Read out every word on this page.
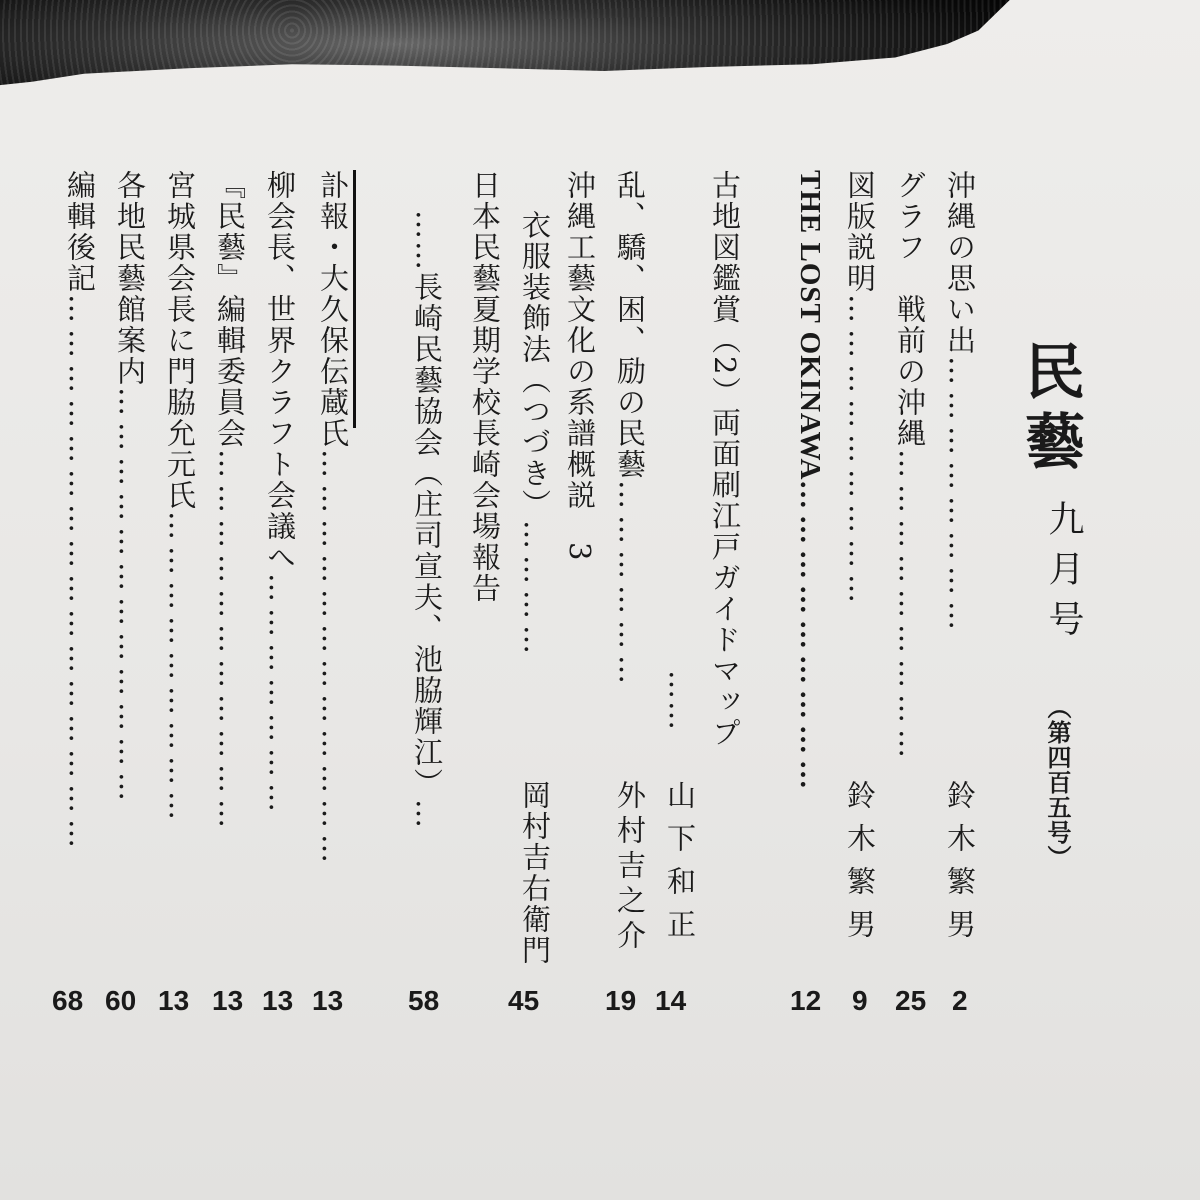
民
藝
九月号
（第四百五号）
沖縄の思い出……………………
鈴木繁男
2
グラフ　戦前の沖縄………………………
25
図版説明………………………
鈴木繁男
9
THE LOST OKINAWA………………………
12
古地図鑑賞（2）両面刷江戸ガイドマップ
……
山下和正
14
乱、驕、困、励の民藝………………
外村吉之介
19
沖縄工藝文化の系譜概説　3
衣服装飾法（つづき）…………
岡村吉右衛門
45
日本民藝夏期学校長崎会場報告
……長崎民藝協会（庄司宣夫、池脇輝江）…
58
訃報・大久保伝蔵氏………………………………
13
柳会長、世界クラフト会議へ…………………
13
『民藝』編輯委員会……………………………
13
宮城県会長に門脇允元氏………………………
13
各地民藝館案内………………………………
60
編輯後記…………………………………………
68
